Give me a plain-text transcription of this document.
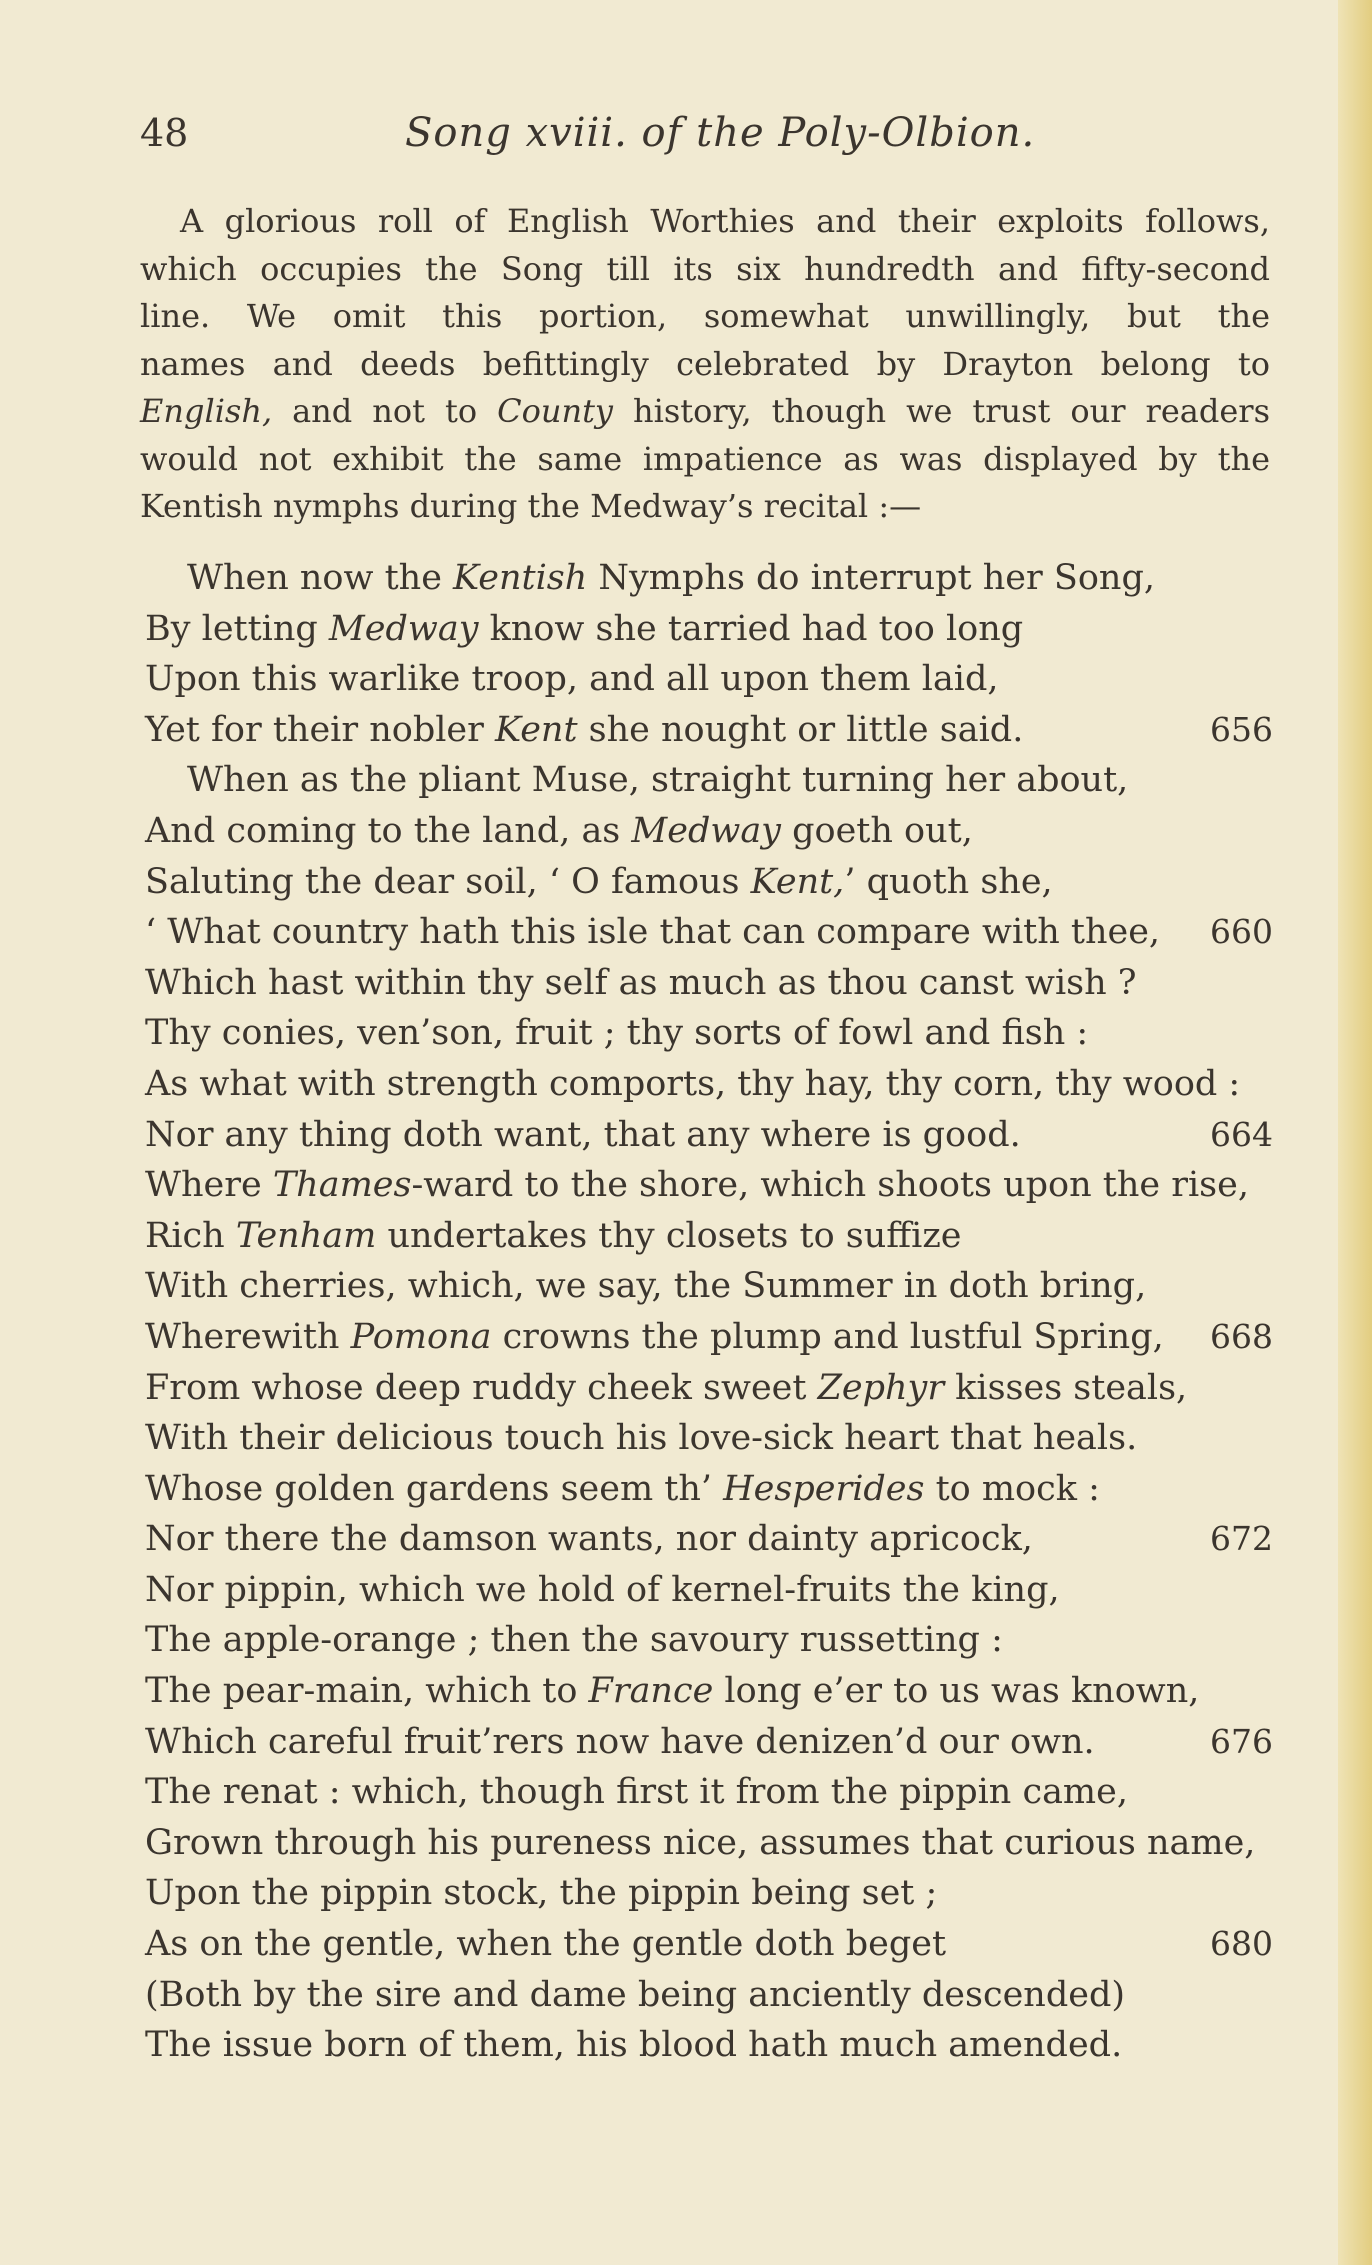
48	Song xviii. of the Poly-Olbion.
A glorious roll of English Worthies and their exploits follows,
which occupies the Song till its six hundredth and fifty-second
line. We omit this portion, somewhat unwillingly, but the
names and deeds befittingly celebrated by Drayton belong to
English, and not to County history, though we trust our readers
would not exhibit the same impatience as was displayed by the
Kentish nymphs during the Medway’s recital :—
When now the Kentish Nymphs do interrupt her Song,
By letting Medway know she tarried had too long
Upon this warlike troop, and all upon them laid,
Yet for their nobler Kent she nought or little said.	656
When as the pliant Muse, straight turning her about,
And coming to the land, as Medway goeth out,
Saluting the dear soil, ‘ O famous Kent,’ quoth she,
‘ What country hath this isle that can compare with thee, 660
Which hast within thy self as much as thou canst wish ?
Thy conies, ven’son, fruit ; thy sorts of fowl and fish :
As what with strength comports, thy hay, thy corn, thy wood :
Nor any thing doth want, that any where is good.	664
Where Thames-ward to the shore, which shoots upon the rise,
Rich Tenham undertakes thy closets to suffize
With cherries, which, we say, the Summer in doth bring,
Wherewith Pomona crowns the plump and lustful Spring, 668
From whose deep ruddy cheek sweet Zephyr kisses steals,
With their delicious touch his love-sick heart that heals.
Whose golden gardens seem th’ Hesperides to mock :
Nor there the damson wants, nor dainty apricock,	672
Nor pippin, which we hold of kernel-fruits the king,
The apple-orange ; then the savoury russetting :
The pear-main, which to France long e’er to us was known,
Which careful fruit’rers now have denizen’d our own.	676
The renat : which, though first it from the pippin came,
Grown through his pureness nice, assumes that curious name,
Upon the pippin stock, the pippin being set ;
As on the gentle, when the gentle doth beget	680
(Both by the sire and dame being anciently descended)
The issue born of them, his blood hath much amended.
